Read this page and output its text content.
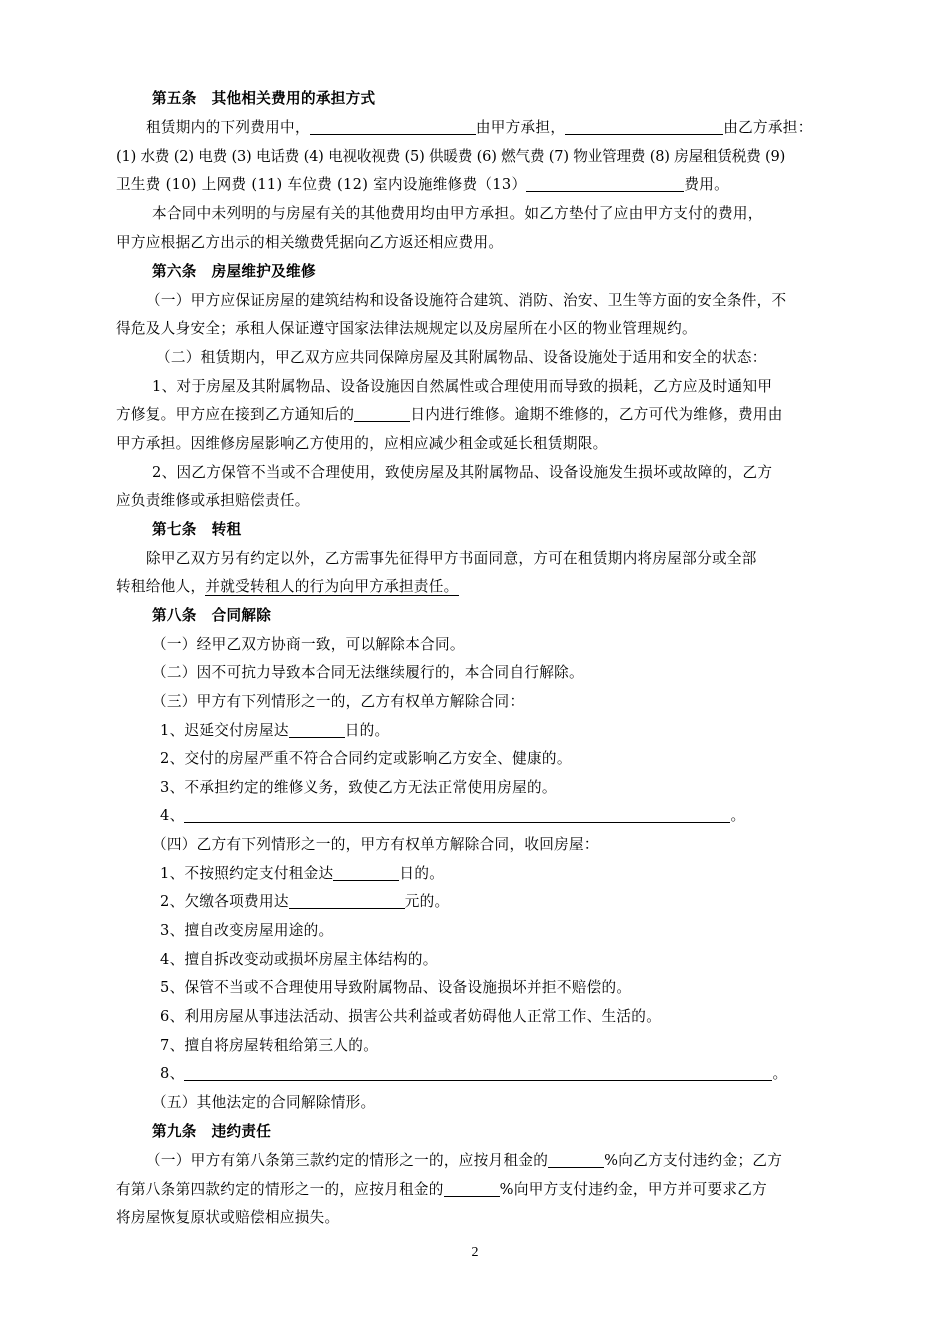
第五条　其他相关费用的承担方式
租赁期内的下列费用中，	由甲方承担，	由乙方承担：
(1) 水费 (2) 电费 (3) 电话费 (4) 电视收视费 (5) 供暖费 (6) 燃气费 (7) 物业管理费 (8) 房屋租赁税费 (9)
卫生费 (10) 上网费 (11) 车位费 (12) 室内设施维修费（13）	费用。
本合同中未列明的与房屋有关的其他费用均由甲方承担。如乙方垫付了应由甲方支付的费用，
甲方应根据乙方出示的相关缴费凭据向乙方返还相应费用。
第六条　房屋维护及维修
（一）甲方应保证房屋的建筑结构和设备设施符合建筑、消防、治安、卫生等方面的安全条件，不
得危及人身安全；承租人保证遵守国家法律法规规定以及房屋所在小区的物业管理规约。
（二）租赁期内，甲乙双方应共同保障房屋及其附属物品、设备设施处于适用和安全的状态：
1、对于房屋及其附属物品、设备设施因自然属性或合理使用而导致的损耗，乙方应及时通知甲
方修复。甲方应在接到乙方通知后的	日内进行维修。逾期不维修的，乙方可代为维修，费用由
甲方承担。因维修房屋影响乙方使用的，应相应减少租金或延长租赁期限。
2、因乙方保管不当或不合理使用，致使房屋及其附属物品、设备设施发生损坏或故障的，乙方
应负责维修或承担赔偿责任。
第七条　转租
除甲乙双方另有约定以外，乙方需事先征得甲方书面同意，方可在租赁期内将房屋部分或全部
转租给他人，并就受转租人的行为向甲方承担责任。
第八条　合同解除
（一）经甲乙双方协商一致，可以解除本合同。
（二）因不可抗力导致本合同无法继续履行的，本合同自行解除。
（三）甲方有下列情形之一的，乙方有权单方解除合同：
1、迟延交付房屋达	日的。
2、交付的房屋严重不符合合同约定或影响乙方安全、健康的。
3、不承担约定的维修义务，致使乙方无法正常使用房屋的。
4、	。
（四）乙方有下列情形之一的，甲方有权单方解除合同，收回房屋：
1、不按照约定支付租金达	日的。
2、欠缴各项费用达	元的。
3、擅自改变房屋用途的。
4、擅自拆改变动或损坏房屋主体结构的。
5、保管不当或不合理使用导致附属物品、设备设施损坏并拒不赔偿的。
6、利用房屋从事违法活动、损害公共利益或者妨碍他人正常工作、生活的。
7、擅自将房屋转租给第三人的。
8、	。
（五）其他法定的合同解除情形。
第九条　违约责任
（一）甲方有第八条第三款约定的情形之一的，应按月租金的	%向乙方支付违约金；乙方
有第八条第四款约定的情形之一的，应按月租金的	%向甲方支付违约金，甲方并可要求乙方
将房屋恢复原状或赔偿相应损失。
2
